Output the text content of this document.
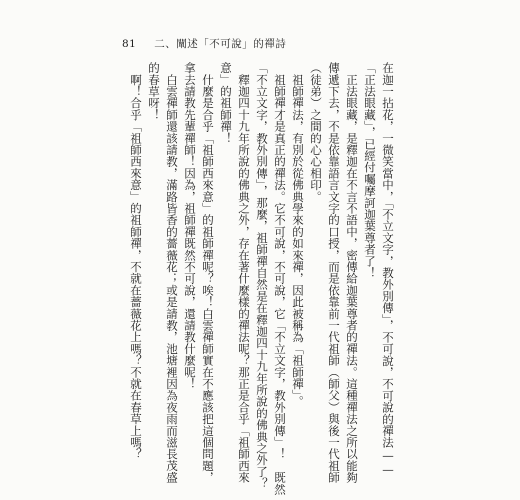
81 二、闡述「不可說」的禪詩
在迦一拈花，一微笑當中，「不立文字，教外別傳」，不可說，不可說的禪法——
「正法眼藏」，已經付囑摩訶迦葉尊者了！
　正法眼藏，是釋迦在不言不語中，密傳給迦葉尊者的禪法。這種禪法之所以能夠
傳遞下去，不是依靠語言文字的口授，而是依靠前一代祖師（師父）與後一代祖師
（徒弟）之間的心心相印。
　祖師禪法，有別於從佛典學來的如來禪，因此被稱為「祖師禪」。
　祖師禪才是真正的禪法。它不可說，不可說，它「不立文字，教外別傳」！　既然
「不立文字，教外別傳」，那麼，祖師禪自然是在釋迦四十九年所說的佛典之外了？
　釋迦四十九年所說的佛典之外，存在著什麼樣的禪法呢？那正是合乎「祖師西來
意」的祖師禪！
　什麼是合乎「祖師西來意」的祖師禪呢？唉！白雲禪師實在不應該把這個問題，
拿去請教先輩禪師！因為，祖師禪既然不可說，還請教什麼呢！
　白雲禪師還該請教，滿路皆香的薔薇花；或是請教，池塘裡因為夜雨而滋長茂盛
的春草呀！
　啊！合乎「祖師西來意」的祖師禪，不就在薔薇花上嗎？不就在春草上嗎？
